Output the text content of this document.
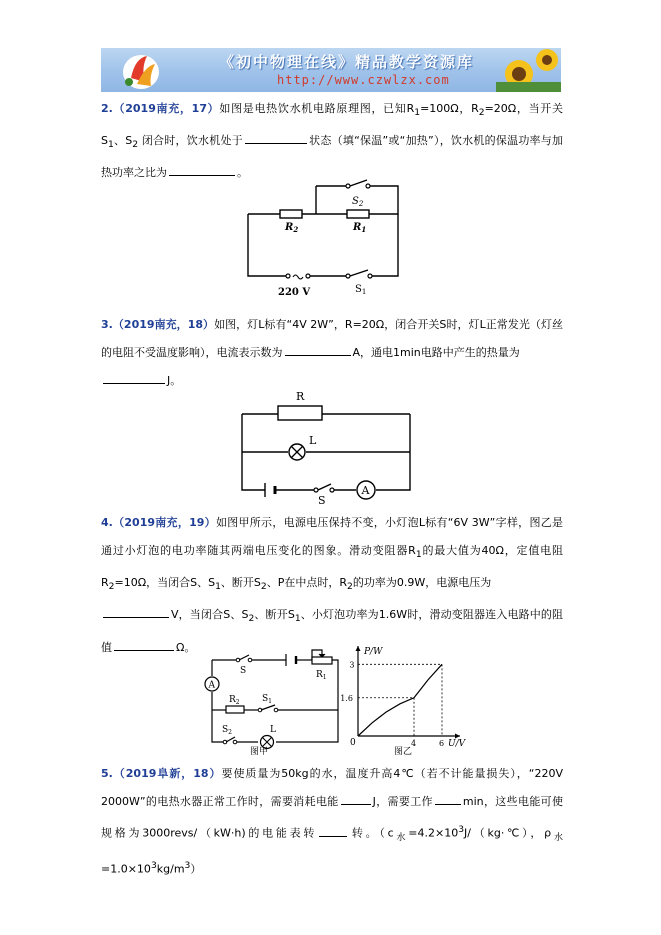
《初中物理在线》精品教学资源库
http://www.czwlzx.com
2.（2019南充，17）如图是电热饮水机电路原理图，已知$R_1=100\Omega$，$R_2=20\Omega$，当开关$S_1$、$S_2$ 闭合时，饮水机处于	状态（填“保温”或“加热”），饮水机的保温功率与加热功率之比为	。
$S_2$
$R_2$	$R_1$
220 V	$S_1$
3.（2019南充，18）如图，灯L标有“4V 2W”，R=20Ω，闭合开关S时，灯L正常发光（灯丝的电阻不受温度影响），电流表示数为	A，通电1min电路中产生的热量为
J。
A
R
L
S
4.（2019南充，19）如图甲所示，电源电压保持不变，小灯泡L标有“6V 3W”字样，图乙是通过小灯泡的电功率随其两端电压变化的图象。滑动变阻器$R_1$的最大值为40Ω，定值电阻$R_2=10\Omega$，当闭合S、$S_1$、断开$S_2$、P在中点时，$R_2$的功率为0.9W，电源电压为
V，当闭合S、$S_2$、断开$S_1$、小灯泡功率为1.6W时，滑动变阻器连入电路中的阻值	Ω。
A
S	$R_1$
$R_2$ $S_1$
$S_2$	L
图甲
4	6
1.6
3
P/W
U/V
0
图乙
5.（2019阜新，18）要使质量为50kg的水，温度升高4℃（若不计能量损失），“220V 2000W”的电热水器正常工作时，需要消耗电能	J，需要工作	min，这些电能可使规格为3000revs/（kW·h)的电能表转	转。（$c_水=4.2\times 10^3J/(kg\cdot℃)$，$\rho_水=1.0\times 10^3kg/m^3$）
